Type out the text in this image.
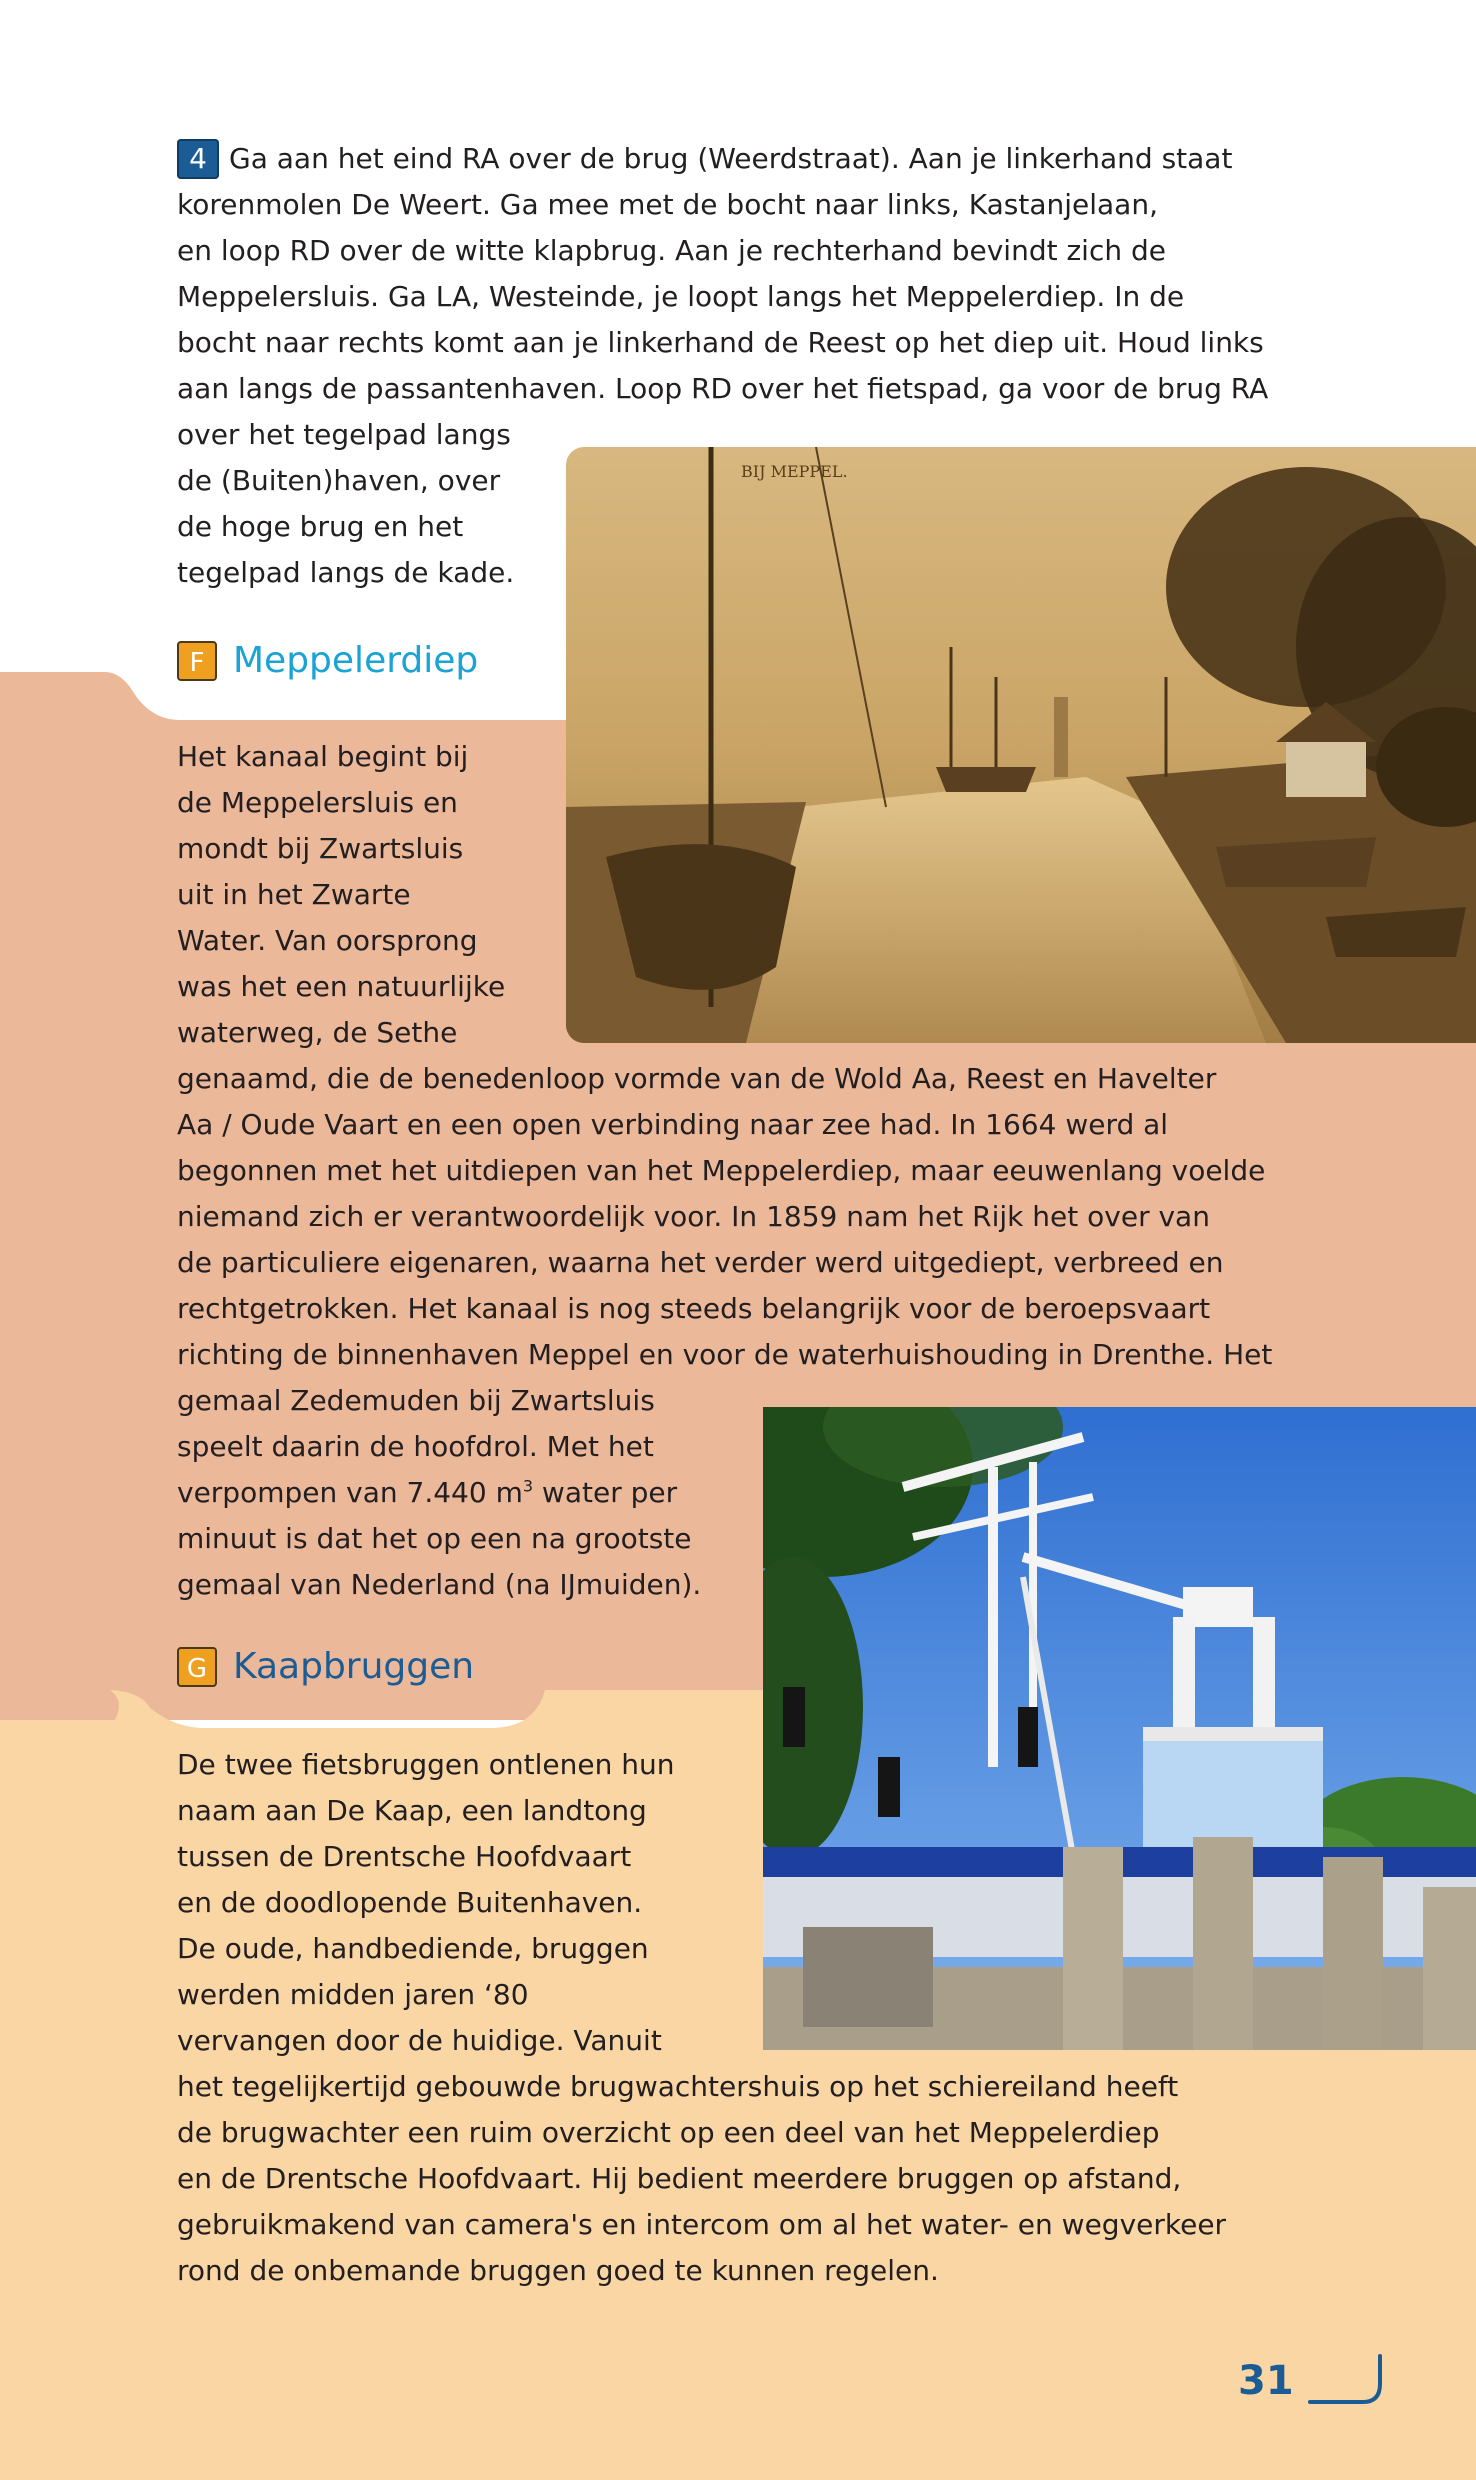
4 Ga aan het eind RA over de brug (Weerdstraat). Aan je linkerhand staat
korenmolen De Weert. Ga mee met de bocht naar links, Kastanjelaan,
en loop RD over de witte klapbrug. Aan je rechterhand bevindt zich de
Meppelersluis. Ga LA, Westeinde, je loopt langs het Meppelerdiep. In de
bocht naar rechts komt aan je linkerhand de Reest op het diep uit. Houd links
aan langs de passantenhaven. Loop RD over het fietspad, ga voor de brug RA
over het tegelpad langs
de (Buiten)haven, over
de hoge brug en het
tegelpad langs de kade.
F Meppelerdiep
BIJ MEPPEL.
Het kanaal begint bij
de Meppelersluis en
mondt bij Zwartsluis
uit in het Zwarte
Water. Van oorsprong
was het een natuurlijke
waterweg, de Sethe
genaamd, die de benedenloop vormde van de Wold Aa, Reest en Havelter
Aa / Oude Vaart en een open verbinding naar zee had. In 1664 werd al
begonnen met het uitdiepen van het Meppelerdiep, maar eeuwenlang voelde
niemand zich er verantwoordelijk voor. In 1859 nam het Rijk het over van
de particuliere eigenaren, waarna het verder werd uitgediept, verbreed en
rechtgetrokken. Het kanaal is nog steeds belangrijk voor de beroepsvaart
richting de binnenhaven Meppel en voor de waterhuishouding in Drenthe. Het
gemaal Zedemuden bij Zwartsluis
speelt daarin de hoofdrol. Met het
verpompen van 7.440 $m^3$ water per
minuut is dat het op een na grootste
gemaal van Nederland (na IJmuiden).
G Kaapbruggen
De twee fietsbruggen ontlenen hun
naam aan De Kaap, een landtong
tussen de Drentsche Hoofdvaart
en de doodlopende Buitenhaven.
De oude, handbediende, bruggen
werden midden jaren ‘80
vervangen door de huidige. Vanuit
het tegelijkertijd gebouwde brugwachtershuis op het schiereiland heeft
de brugwachter een ruim overzicht op een deel van het Meppelerdiep
en de Drentsche Hoofdvaart. Hij bedient meerdere bruggen op afstand,
gebruikmakend van camera's en intercom om al het water- en wegverkeer
rond de onbemande bruggen goed te kunnen regelen.
31
